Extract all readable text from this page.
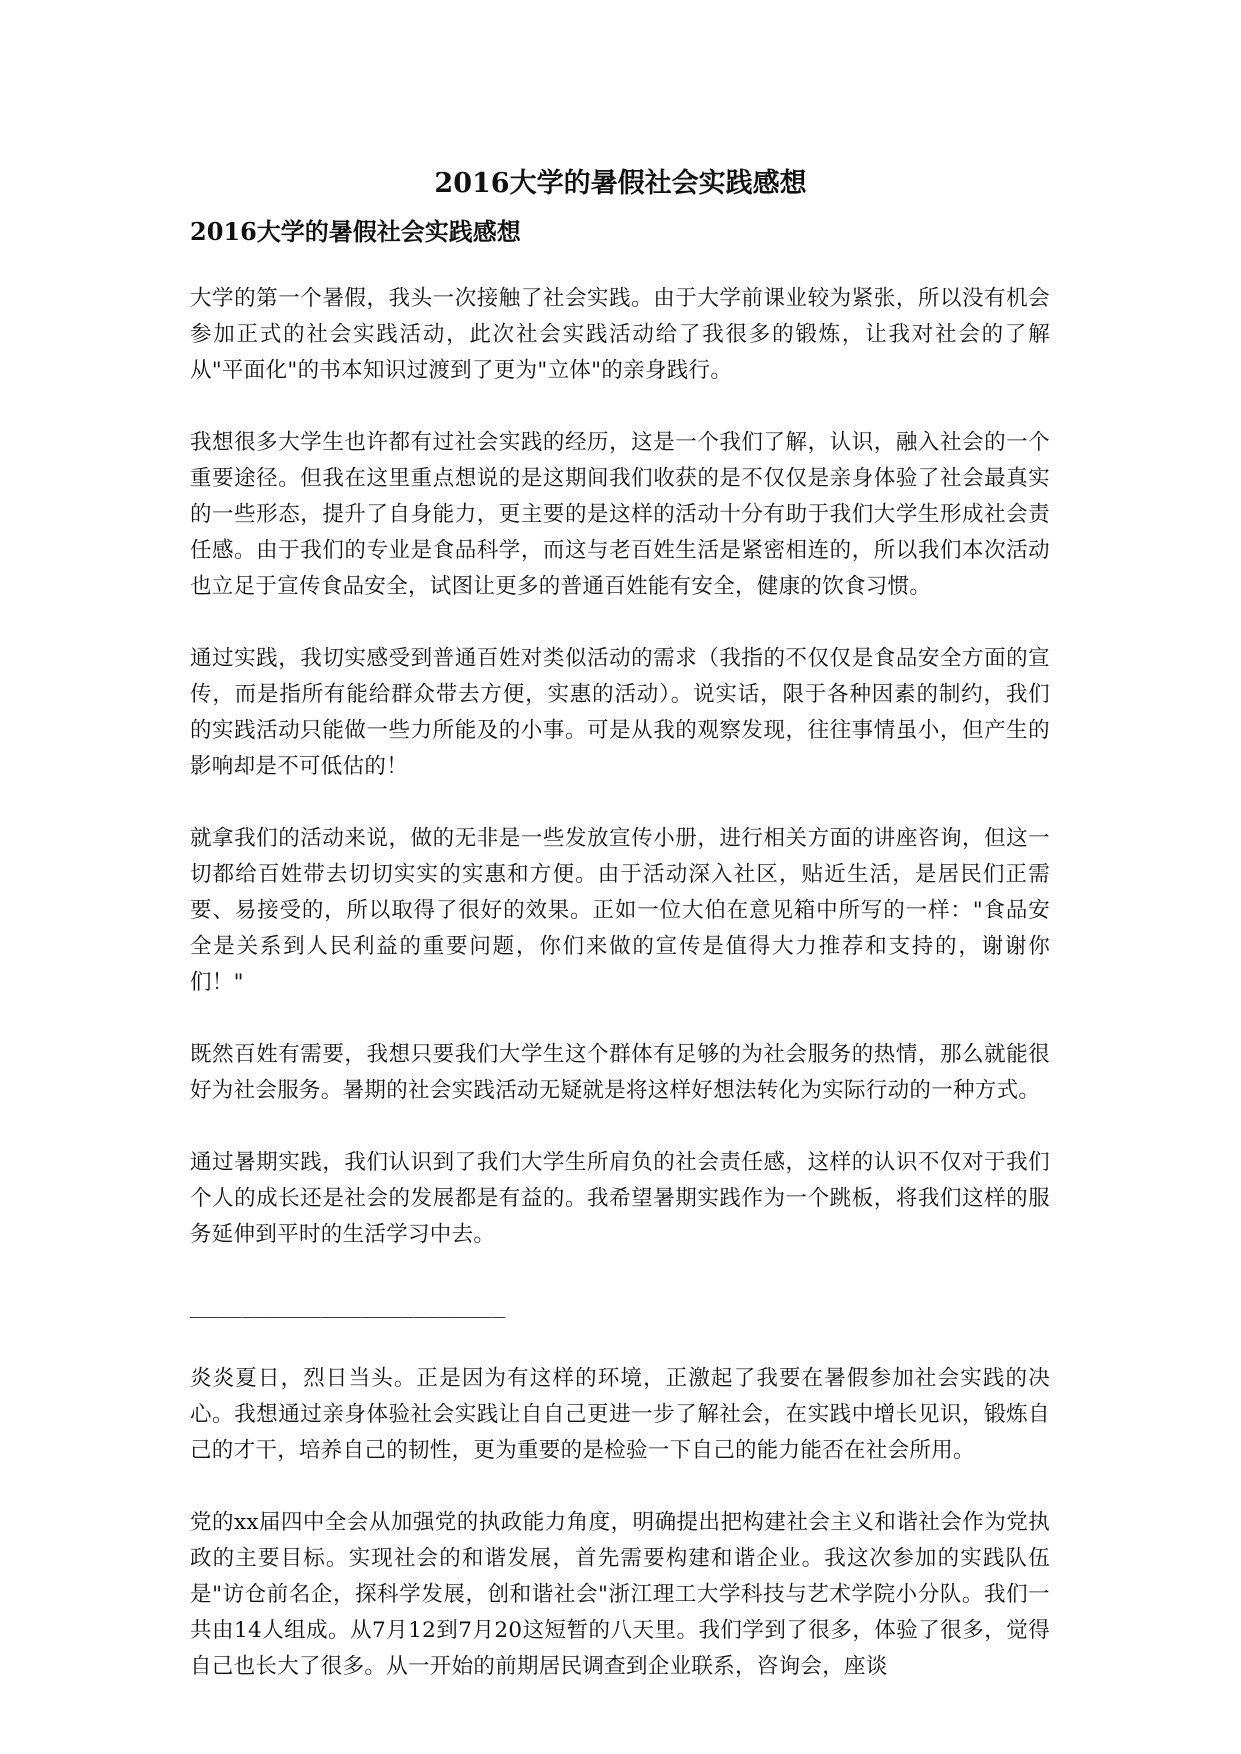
2016大学的暑假社会实践感想
2016大学的暑假社会实践感想

大学的第一个暑假，我头一次接触了社会实践。由于大学前课业较为紧张，所以没有机会参加正式的社会实践活动，此次社会实践活动给了我很多的锻炼，让我对社会的了解从"平面化"的书本知识过渡到了更为"立体"的亲身践行。

我想很多大学生也许都有过社会实践的经历，这是一个我们了解，认识，融入社会的一个重要途径。但我在这里重点想说的是这期间我们收获的是不仅仅是亲身体验了社会最真实的一些形态，提升了自身能力，更主要的是这样的活动十分有助于我们大学生形成社会责任感。由于我们的专业是食品科学，而这与老百姓生活是紧密相连的，所以我们本次活动也立足于宣传食品安全，试图让更多的普通百姓能有安全，健康的饮食习惯。

通过实践，我切实感受到普通百姓对类似活动的需求（我指的不仅仅是食品安全方面的宣传，而是指所有能给群众带去方便，实惠的活动）。说实话，限于各种因素的制约，我们的实践活动只能做一些力所能及的小事。可是从我的观察发现，往往事情虽小，但产生的影响却是不可低估的！

就拿我们的活动来说，做的无非是一些发放宣传小册，进行相关方面的讲座咨询，但这一切都给百姓带去切切实实的实惠和方便。由于活动深入社区，贴近生活，是居民们正需要、易接受的，所以取得了很好的效果。正如一位大伯在意见箱中所写的一样："食品安全是关系到人民利益的重要问题，你们来做的宣传是值得大力推荐和支持的，谢谢你们！"

既然百姓有需要，我想只要我们大学生这个群体有足够的为社会服务的热情，那么就能很好为社会服务。暑期的社会实践活动无疑就是将这样好想法转化为实际行动的一种方式。

通过暑期实践，我们认识到了我们大学生所肩负的社会责任感，这样的认识不仅对于我们个人的成长还是社会的发展都是有益的。我希望暑期实践作为一个跳板，将我们这样的服务延伸到平时的生活学习中去。

________________________

炎炎夏日，烈日当头。正是因为有这样的环境，正激起了我要在暑假参加社会实践的决心。我想通过亲身体验社会实践让自自己更进一步了解社会，在实践中增长见识，锻炼自己的才干，培养自己的韧性，更为重要的是检验一下自己的能力能否在社会所用。

党的xx届四中全会从加强党的执政能力角度，明确提出把构建社会主义和谐社会作为党执政的主要目标。实现社会的和谐发展，首先需要构建和谐企业。我这次参加的实践队伍是"访仓前名企，探科学发展，创和谐社会"浙江理工大学科技与艺术学院小分队。我们一共由14人组成。从7月12到7月20这短暂的八天里。我们学到了很多，体验了很多，觉得自己也长大了很多。从一开始的前期居民调查到企业联系，咨询会，座谈
